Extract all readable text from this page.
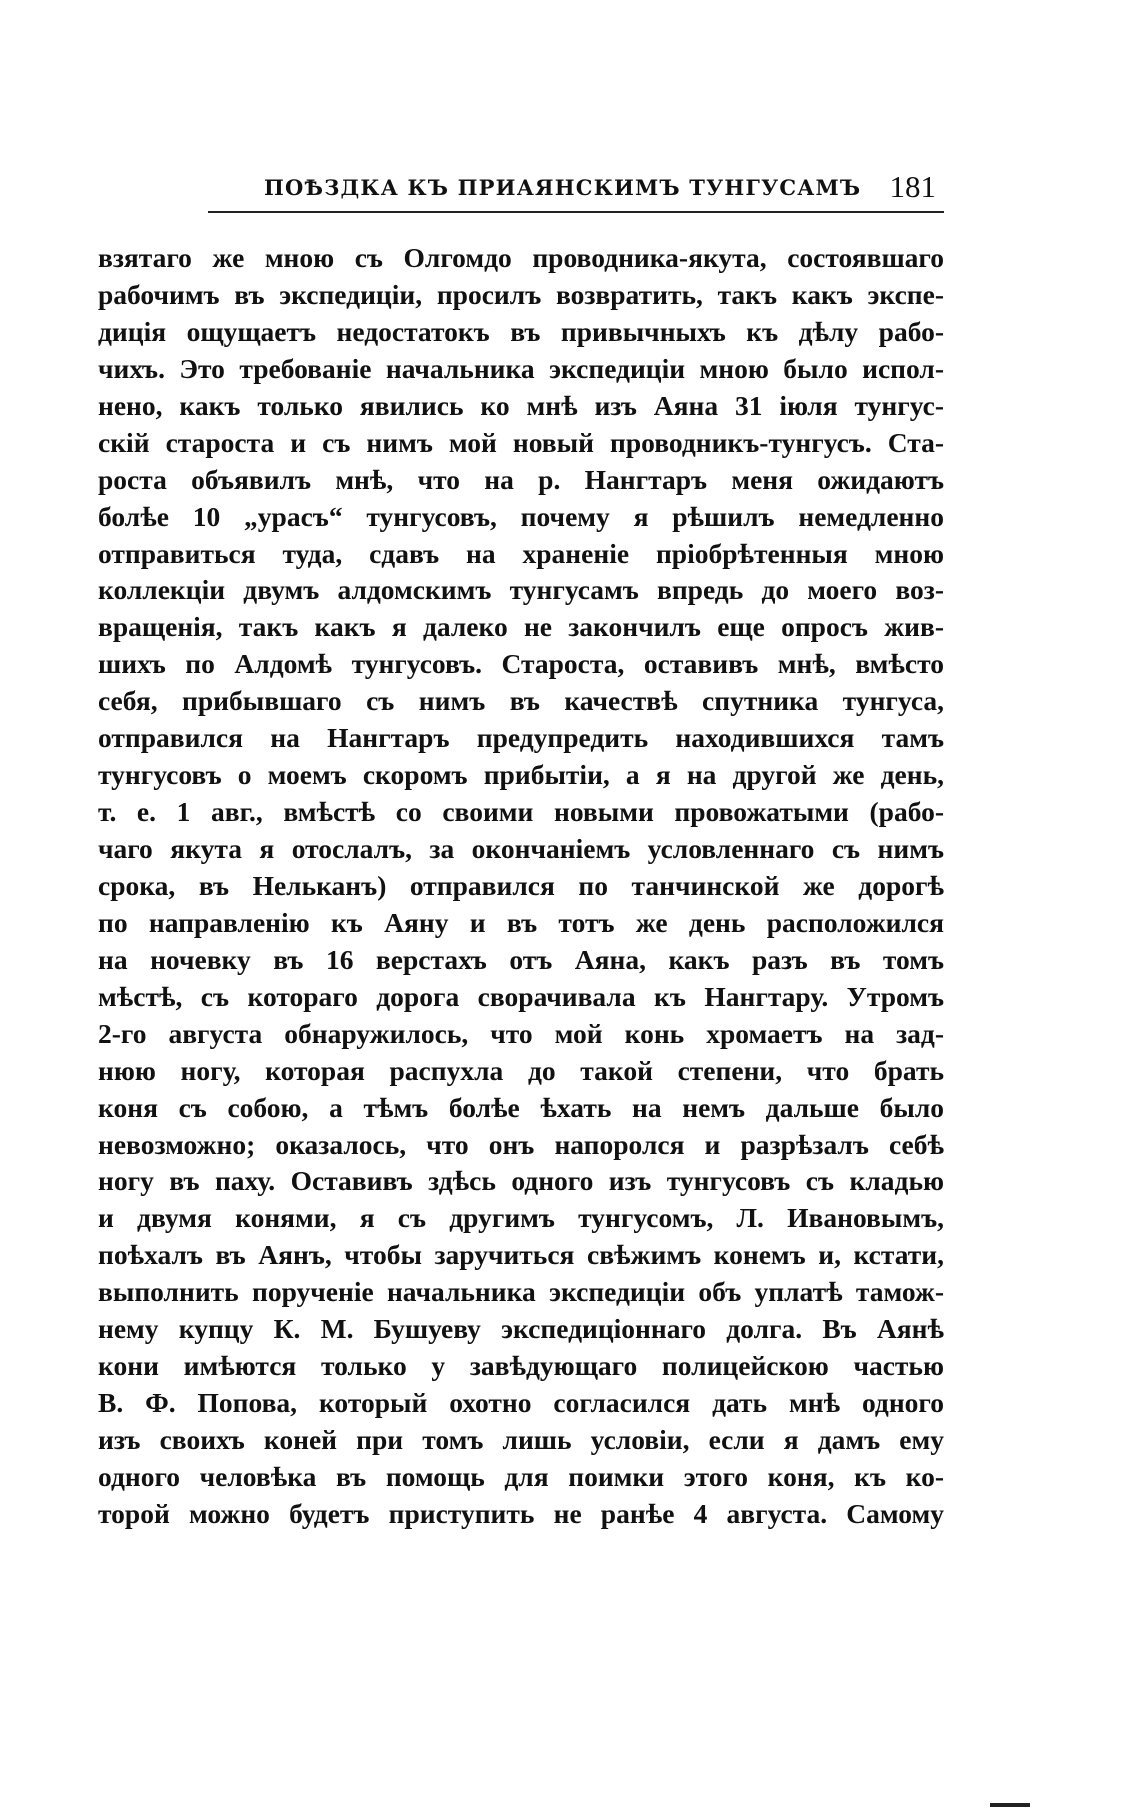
ПОѢЗДКА КЪ ПРИАЯНСКИМЪ ТУНГУСАМЪ 181
взятаго же мною съ Олгомдо проводника-якута, состоявшаго
рабочимъ въ экспедиціи, просилъ возвратить, такъ какъ экспе-
диція ощущаетъ недостатокъ въ привычныхъ къ дѣлу рабо-
чихъ. Это требованіе начальника экспедиціи мною было испол-
нено, какъ только явились ко мнѣ изъ Аяна 31 іюля тунгус-
скій староста и съ нимъ мой новый проводникъ-тунгусъ. Ста-
роста объявилъ мнѣ, что на р. Нангтаръ меня ожидаютъ
болѣе 10 „урасъ“ тунгусовъ, почему я рѣшилъ немедленно
отправиться туда, сдавъ на храненіе пріобрѣтенныя мною
коллекціи двумъ алдомскимъ тунгусамъ впредь до моего воз-
вращенія, такъ какъ я далеко не закончилъ еще опросъ жив-
шихъ по Алдомѣ тунгусовъ. Староста, оставивъ мнѣ, вмѣсто
себя, прибывшаго съ нимъ въ качествѣ спутника тунгуса,
отправился на Нангтаръ предупредить находившихся тамъ
тунгусовъ о моемъ скоромъ прибытіи, а я на другой же день,
т. е. 1 авг., вмѣстѣ со своими новыми провожатыми (рабо-
чаго якута я отослалъ, за окончаніемъ условленнаго съ нимъ
срока, въ Нельканъ) отправился по танчинской же дорогѣ
по направленію къ Аяну и въ тотъ же день расположился
на ночевку въ 16 верстахъ отъ Аяна, какъ разъ въ томъ
мѣстѣ, съ котораго дорога сворачивала къ Нангтару. Утромъ
2-го августа обнаружилось, что мой конь хромаетъ на зад-
нюю ногу, которая распухла до такой степени, что брать
коня съ собою, а тѣмъ болѣе ѣхать на немъ дальше было
невозможно; оказалось, что онъ напоролся и разрѣзалъ себѣ
ногу въ паху. Оставивъ здѣсь одного изъ тунгусовъ съ кладью
и двумя конями, я съ другимъ тунгусомъ, Л. Ивановымъ,
поѣхалъ въ Аянъ, чтобы заручиться свѣжимъ конемъ и, кстати,
выполнить порученіе начальника экспедиціи объ уплатѣ тамож-
нему купцу К. М. Бушуеву экспедиціоннаго долга. Въ Аянѣ
кони имѣются только у завѣдующаго полицейскою частью
В. Ф. Попова, который охотно согласился дать мнѣ одного
изъ своихъ коней при томъ лишь условіи, если я дамъ ему
одного человѣка въ помощь для поимки этого коня, къ ко-
торой можно будетъ приступить не ранѣе 4 августа. Самому
